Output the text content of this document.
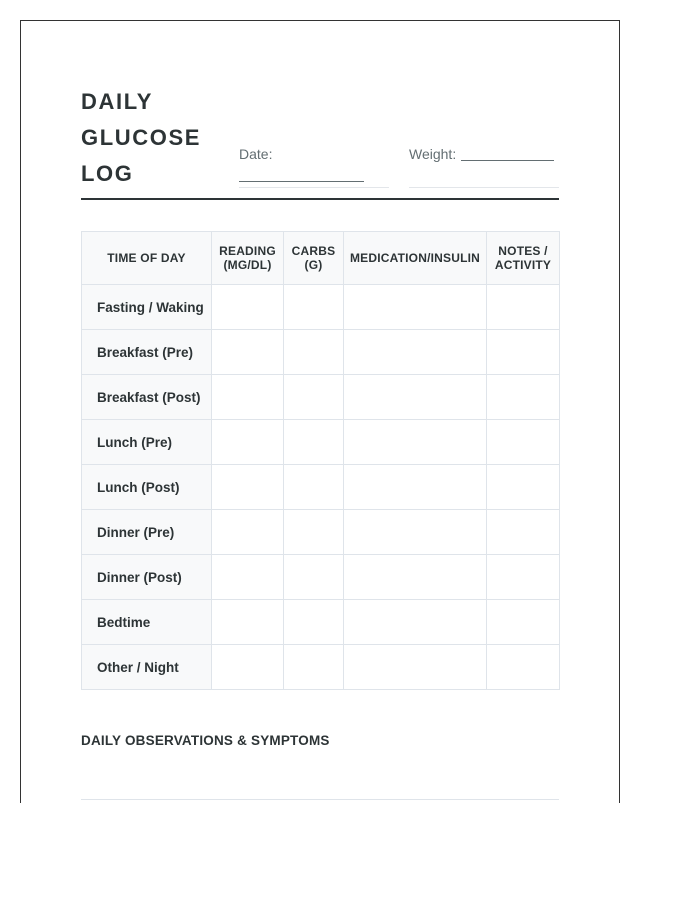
DAILY
GLUCOSE
LOG
Date:	Weight:
TIME OF DAY	READING (MG/DL)	CARBS (G)	MEDICATION/INSULIN	NOTES / ACTIVITY
Fasting / Waking				
Breakfast (Pre)				
Breakfast (Post)				
Lunch (Pre)				
Lunch (Post)				
Dinner (Pre)				
Dinner (Post)				
Bedtime				
Other / Night				
DAILY OBSERVATIONS & SYMPTOMS
